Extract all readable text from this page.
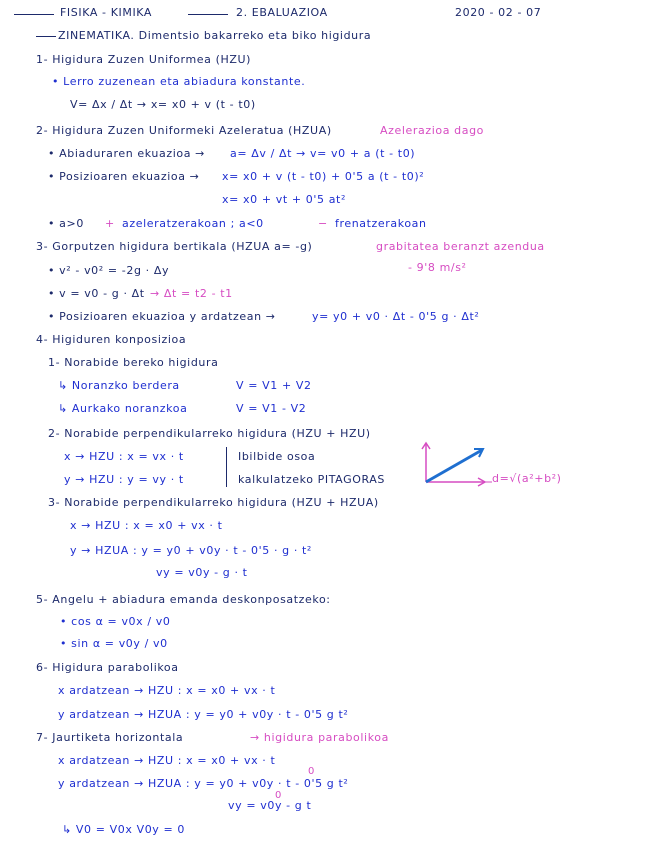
FISIKA - KIMIKA	2. EBALUAZIOA	2020 - 02 - 07
ZINEMATIKA. Dimentsio bakarreko eta biko higidura
1- Higidura Zuzen Uniformea (HZU)
• Lerro zuzenean eta abiadura konstante.
V= Δx / Δt → x= x0 + v (t - t0)
2- Higidura Zuzen Uniformeki Azeleratua (HZUA)	Azelerazioa dago
• Abiaduraren ekuazioa → a= Δv / Δt → v= v0 + a (t - t0)
• Posizioaren ekuazioa → x= x0 + v (t - t0) + 0'5 a (t - t0)²
x= x0 + vt + 0'5 at²
• a>0 + azeleratzerakoan ; a<0	− frenatzerakoan
3- Gorputzen higidura bertikala (HZUA a= -g)	grabitatea beranzt azendua
- 9'8 m/s²
• v² - v0² = -2g · Δy
• v = v0 - g · Δt → Δt = t2 - t1
• Posizioaren ekuazioa y ardatzean →	y= y0 + v0 · Δt - 0'5 g · Δt²
4- Higiduren konposizioa
1- Norabide bereko higidura
↳ Noranzko berdera	V = V1 + V2
↳ Aurkako noranzkoa	V = V1 - V2
2- Norabide perpendikularreko higidura (HZU + HZU)
x → HZU : x = vx · t
y → HZU : y = vy · t
Ibilbide osoa
kalkulatzeko PITAGORAS	d=√(a²+b²)
3- Norabide perpendikularreko higidura (HZU + HZUA)
x → HZU : x = x0 + vx · t
y → HZUA : y = y0 + v0y · t - 0'5 · g · t²
vy = v0y - g · t
5- Angelu + abiadura emanda deskonposatzeko:
• cos α = v0x / v0
• sin α = v0y / v0
6- Higidura parabolikoa
x ardatzean → HZU : x = x0 + vx · t
y ardatzean → HZUA : y = y0 + v0y · t - 0'5 g t²
7- Jaurtiketa horizontala	→ higidura parabolikoa
x ardatzean → HZU : x = x0 + vx · t
y ardatzean → HZUA : y = y0 + v0y · t - 0'5 g t²
0
vy = v0y - g t
0
↳ V0 = V0x V0y = 0
